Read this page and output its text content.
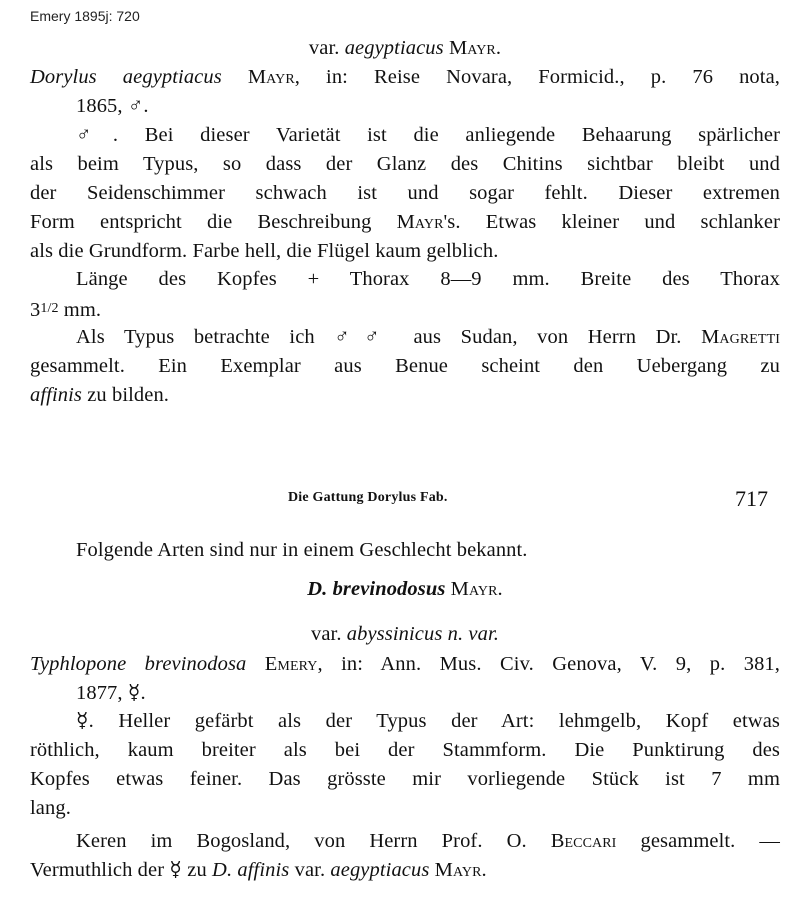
Emery 1895j: 720
var. aegyptiacus Mayr.
Dorylus aegyptiacus Mayr, in: Reise Novara, Formicid., p. 76 nota,
1865, ♂.
♂. Bei dieser Varietät ist die anliegende Behaarung spärlicher
als beim Typus, so dass der Glanz des Chitins sichtbar bleibt und
der Seidenschimmer schwach ist und sogar fehlt. Dieser extremen
Form entspricht die Beschreibung Mayr's. Etwas kleiner und schlanker
als die Grundform. Farbe hell, die Flügel kaum gelblich.
Länge des Kopfes + Thorax 8—9 mm. Breite des Thorax
31/2 mm.
Als Typus betrachte ich ♂♂ aus Sudan, von Herrn Dr. Magretti
gesammelt. Ein Exemplar aus Benue scheint den Uebergang zu
affinis zu bilden.
Die Gattung Dorylus Fab.	717
Folgende Arten sind nur in einem Geschlecht bekannt.
D. brevinodosus Mayr.
var. abyssinicus n. var.
Typhlopone brevinodosa Emery, in: Ann. Mus. Civ. Genova, V. 9, p. 381,
1877, ☿.
☿. Heller gefärbt als der Typus der Art: lehmgelb, Kopf etwas
röthlich, kaum breiter als bei der Stammform. Die Punktirung des
Kopfes etwas feiner. Das grösste mir vorliegende Stück ist 7 mm
lang.
Keren im Bogosland, von Herrn Prof. O. Beccari gesammelt. —
Vermuthlich der ☿ zu D. affinis var. aegyptiacus Mayr.
